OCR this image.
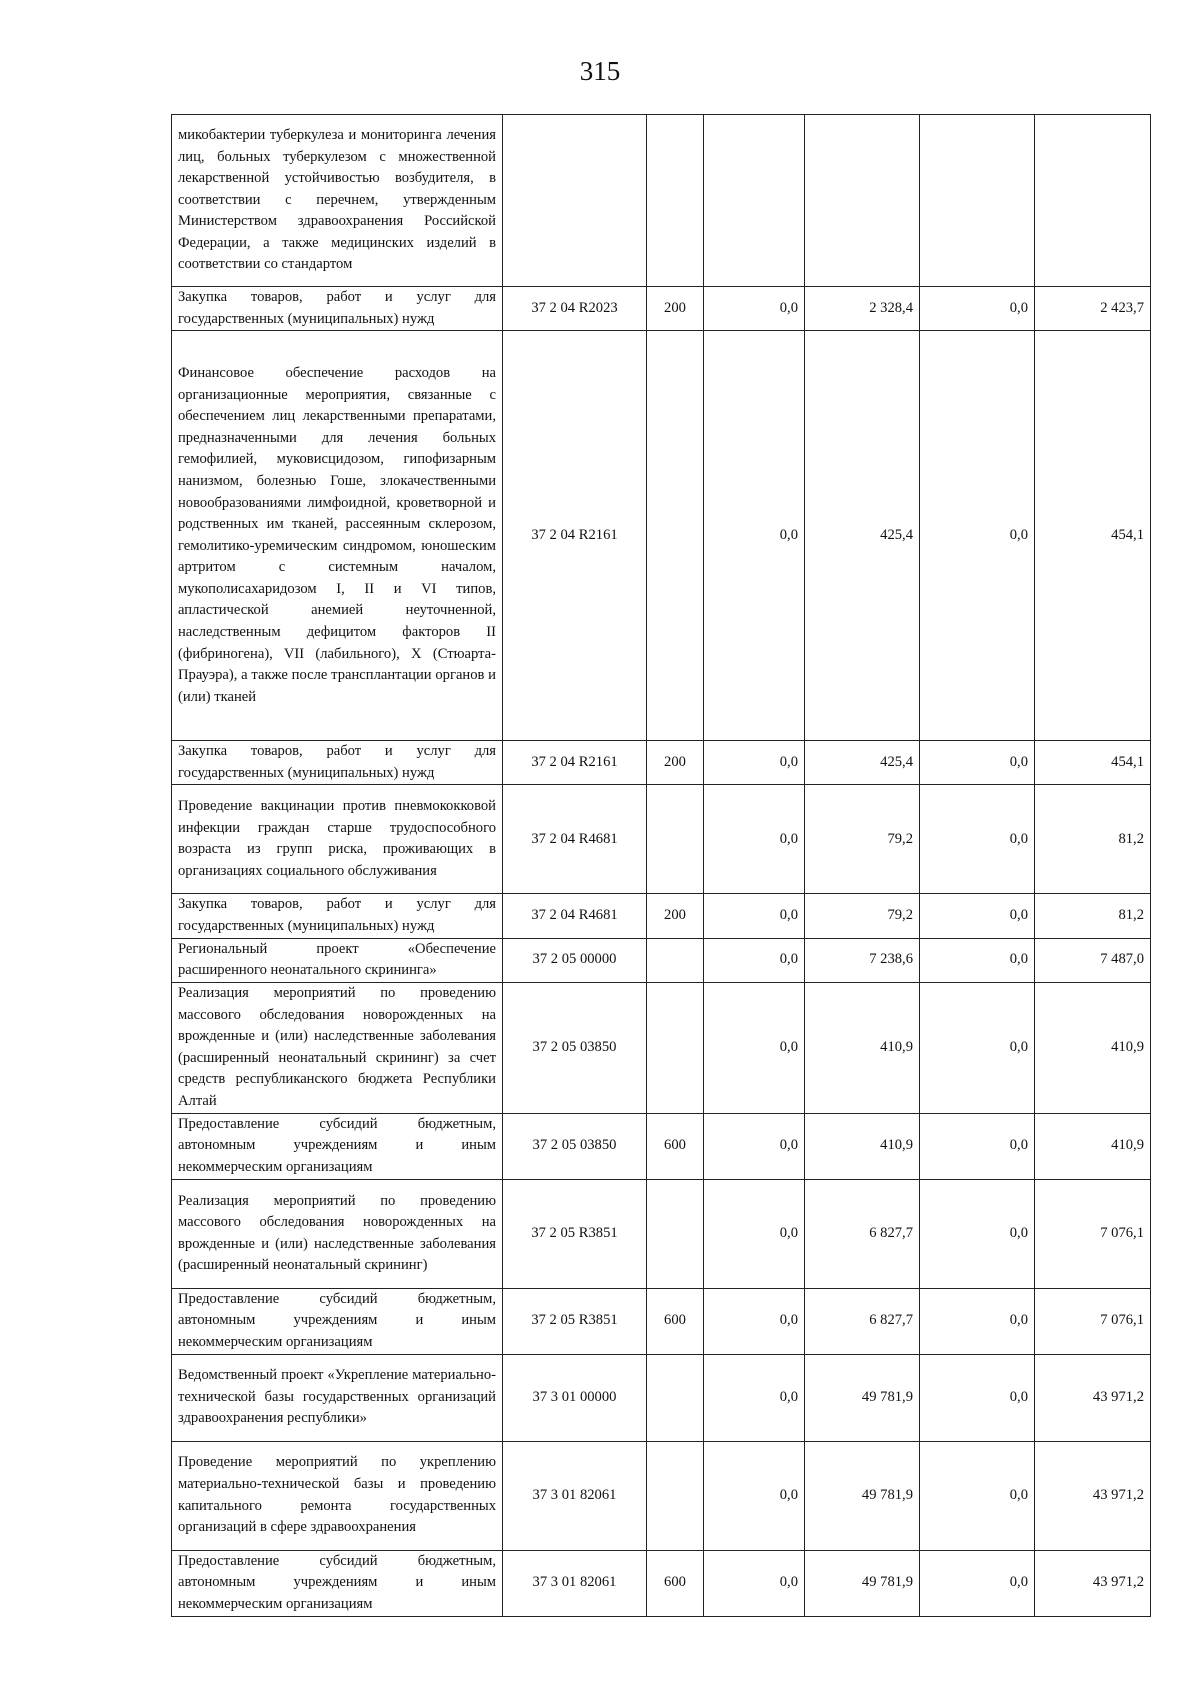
315
микобактерии туберкулеза и мониторинга лечения лиц, больных туберкулезом с множественной лекарственной устойчивостью возбудителя, в соответствии с перечнем, утвержденным Министерством здравоохранения Российской Федерации, а также медицинских изделий в соответствии со стандартом						
Закупка товаров, работ и услуг для государственных (муниципальных) нужд	37 2 04 R2023	200	0,0	2 328,4	0,0	2 423,7
Финансовое обеспечение расходов на организационные мероприятия, связанные с обеспечением лиц лекарственными препаратами, предназначенными для лечения больных гемофилией, муковисцидозом, гипофизарным нанизмом, болезнью Гоше, злокачественными новообразованиями лимфоидной, кроветворной и родственных им тканей, рассеянным склерозом, гемолитико-уремическим синдромом, юношеским артритом с системным началом, мукополисахаридозом I, II и VI типов, апластической анемией неуточненной, наследственным дефицитом факторов II (фибриногена), VII (лабильного), X (Стюарта-Прауэра), а также после трансплантации органов и (или) тканей	37 2 04 R2161		0,0	425,4	0,0	454,1
Закупка товаров, работ и услуг для государственных (муниципальных) нужд	37 2 04 R2161	200	0,0	425,4	0,0	454,1
Проведение вакцинации против пневмококковой инфекции граждан старше трудоспособного возраста из групп риска, проживающих в организациях социального обслуживания	37 2 04 R4681		0,0	79,2	0,0	81,2
Закупка товаров, работ и услуг для государственных (муниципальных) нужд	37 2 04 R4681	200	0,0	79,2	0,0	81,2
Региональный проект «Обеспечение расширенного неонатального скрининга»	37 2 05 00000		0,0	7 238,6	0,0	7 487,0
Реализация мероприятий по проведению массового обследования новорожденных на врожденные и (или) наследственные заболевания (расширенный неонатальный скрининг) за счет средств республиканского бюджета Республики Алтай	37 2 05 03850		0,0	410,9	0,0	410,9
Предоставление субсидий бюджетным, автономным учреждениям и иным некоммерческим организациям	37 2 05 03850	600	0,0	410,9	0,0	410,9
Реализация мероприятий по проведению массового обследования новорожденных на врожденные и (или) наследственные заболевания (расширенный неонатальный скрининг)	37 2 05 R3851		0,0	6 827,7	0,0	7 076,1
Предоставление субсидий бюджетным, автономным учреждениям и иным некоммерческим организациям	37 2 05 R3851	600	0,0	6 827,7	0,0	7 076,1
Ведомственный проект «Укрепление материально-технической базы государственных организаций здравоохранения республики»	37 3 01 00000		0,0	49 781,9	0,0	43 971,2
Проведение мероприятий по укреплению материально-технической базы и проведению капитального ремонта государственных организаций в сфере здравоохранения	37 3 01 82061		0,0	49 781,9	0,0	43 971,2
Предоставление субсидий бюджетным, автономным учреждениям и иным некоммерческим организациям	37 3 01 82061	600	0,0	49 781,9	0,0	43 971,2
